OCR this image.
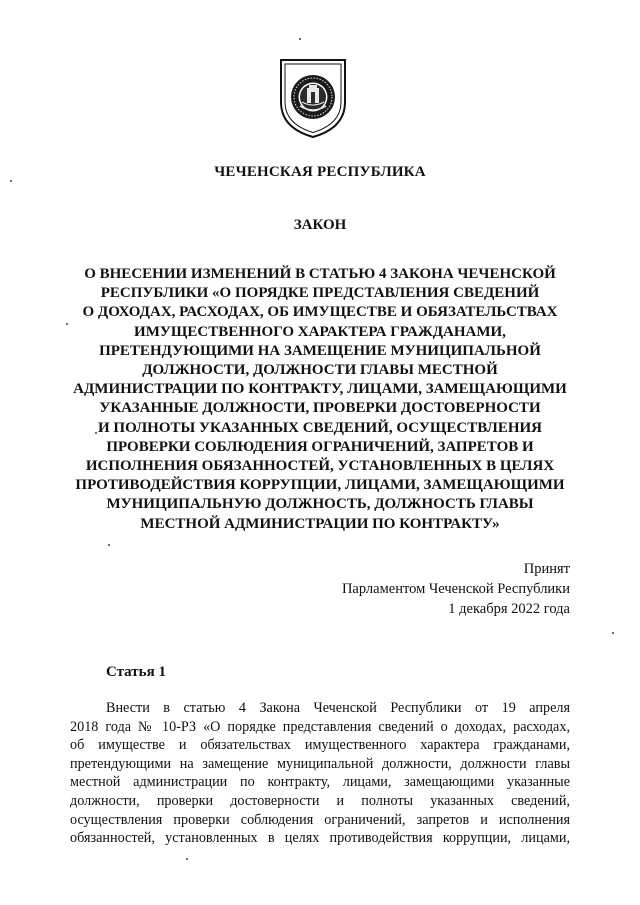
ЧЕЧЕНСКАЯ РЕСПУБЛИКА
ЗАКОН
О ВНЕСЕНИИ ИЗМЕНЕНИЙ В СТАТЬЮ 4 ЗАКОНА ЧЕЧЕНСКОЙ
РЕСПУБЛИКИ «О ПОРЯДКЕ ПРЕДСТАВЛЕНИЯ СВЕДЕНИЙ
О ДОХОДАХ, РАСХОДАХ, ОБ ИМУЩЕСТВЕ И ОБЯЗАТЕЛЬСТВАХ
ИМУЩЕСТВЕННОГО ХАРАКТЕРА ГРАЖДАНАМИ,
ПРЕТЕНДУЮЩИМИ НА ЗАМЕЩЕНИЕ МУНИЦИПАЛЬНОЙ
ДОЛЖНОСТИ, ДОЛЖНОСТИ ГЛАВЫ МЕСТНОЙ
АДМИНИСТРАЦИИ ПО КОНТРАКТУ, ЛИЦАМИ, ЗАМЕЩАЮЩИМИ
УКАЗАННЫЕ ДОЛЖНОСТИ, ПРОВЕРКИ ДОСТОВЕРНОСТИ
И ПОЛНОТЫ УКАЗАННЫХ СВЕДЕНИЙ, ОСУЩЕСТВЛЕНИЯ
ПРОВЕРКИ СОБЛЮДЕНИЯ ОГРАНИЧЕНИЙ, ЗАПРЕТОВ И
ИСПОЛНЕНИЯ ОБЯЗАННОСТЕЙ, УСТАНОВЛЕННЫХ В ЦЕЛЯХ
ПРОТИВОДЕЙСТВИЯ КОРРУПЦИИ, ЛИЦАМИ, ЗАМЕЩАЮЩИМИ
МУНИЦИПАЛЬНУЮ ДОЛЖНОСТЬ, ДОЛЖНОСТЬ ГЛАВЫ
МЕСТНОЙ АДМИНИСТРАЦИИ ПО КОНТРАКТУ»
Принят
Парламентом Чеченской Республики
1 декабря 2022 года
Статья 1
Внести в статью 4 Закона Чеченской Республики от 19 апреля
2018 года № 10-РЗ «О порядке представления сведений о доходах, расходах,
об имуществе и обязательствах имущественного характера гражданами,
претендующими на замещение муниципальной должности, должности главы
местной администрации по контракту, лицами, замещающими указанные
должности, проверки достоверности и полноты указанных сведений,
осуществления проверки соблюдения ограничений, запретов и исполнения
обязанностей, установленных в целях противодействия коррупции, лицами,
